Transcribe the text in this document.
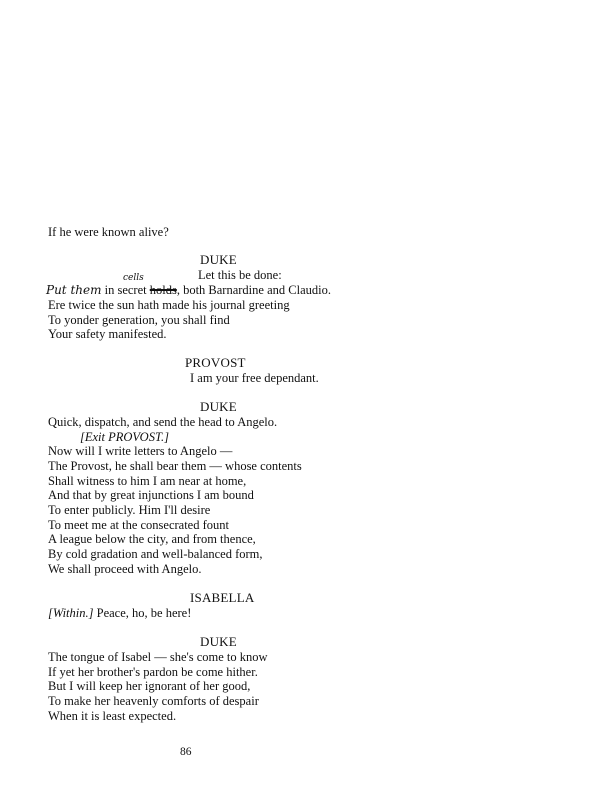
If he were known alive?
DUKE
Let this be done:
cells
Put them in secret holds, both Barnardine and Claudio.
Ere twice the sun hath made his journal greeting
To yonder generation, you shall find
Your safety manifested.
PROVOST
I am your free dependant.
DUKE
Quick, dispatch, and send the head to Angelo.
[Exit PROVOST.]
Now will I write letters to Angelo —
The Provost, he shall bear them — whose contents
Shall witness to him I am near at home,
And that by great injunctions I am bound
To enter publicly. Him I'll desire
To meet me at the consecrated fount
A league below the city, and from thence,
By cold gradation and well-balanced form,
We shall proceed with Angelo.
ISABELLA
[Within.] Peace, ho, be here!
DUKE
The tongue of Isabel — she's come to know
If yet her brother's pardon be come hither.
But I will keep her ignorant of her good,
To make her heavenly comforts of despair
When it is least expected.
86
